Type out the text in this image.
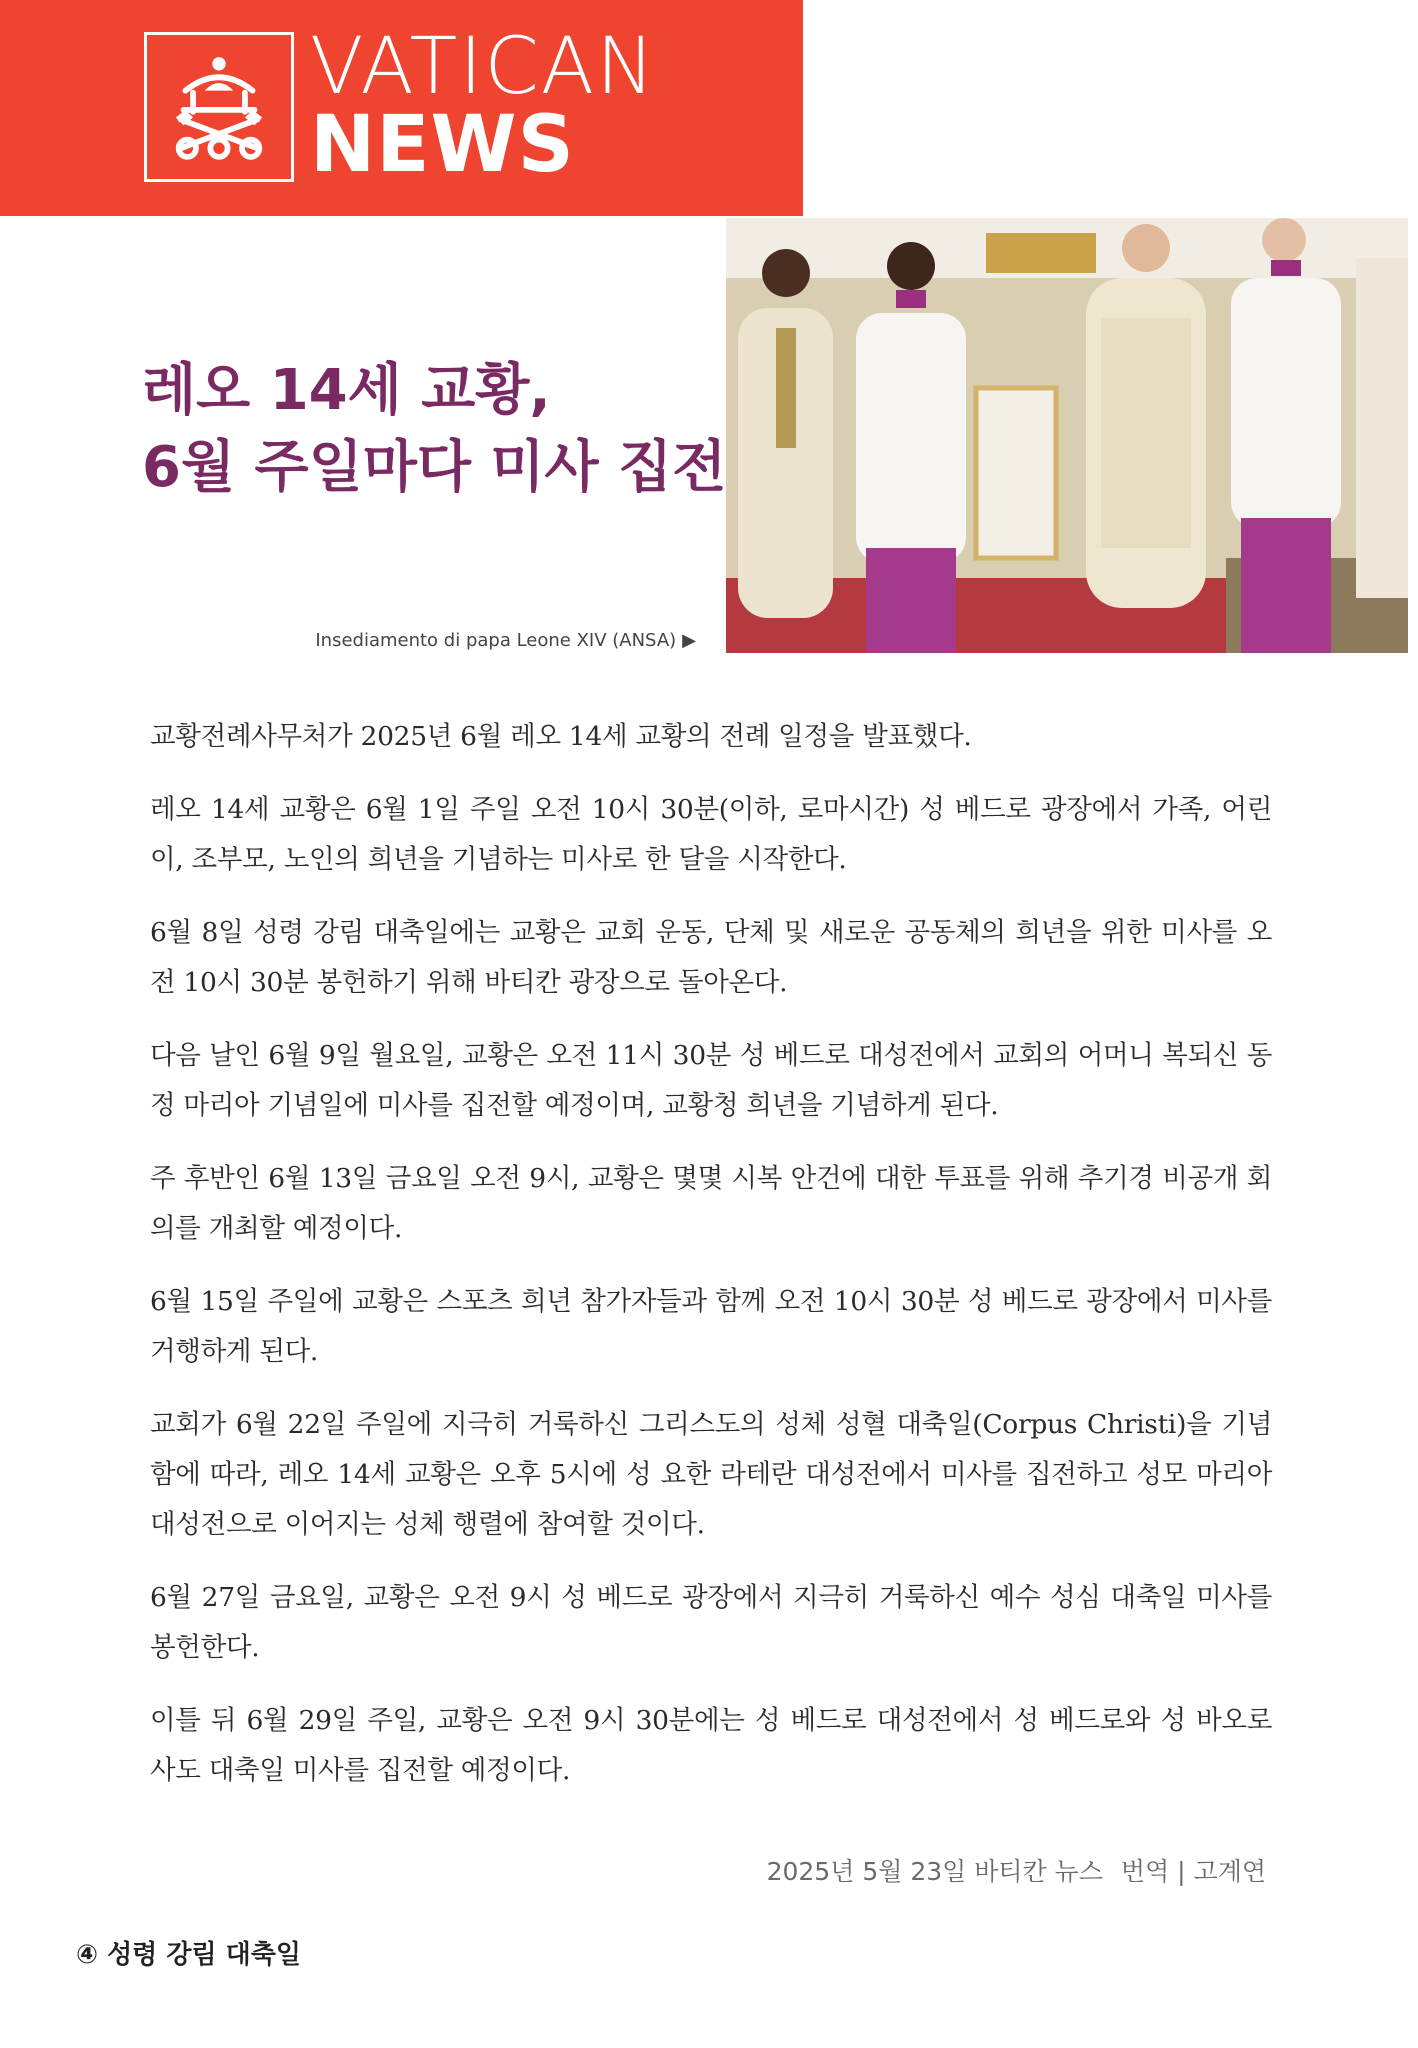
VATICAN
NEWS
레오 14세 교황,
6월 주일마다 미사 집전

Insediamento di papa Leone XIV (ANSA) ▶

교황전례사무처가 2025년 6월 레오 14세 교황의 전례 일정을 발표했다.

레오 14세 교황은 6월 1일 주일 오전 10시 30분(이하, 로마시간) 성 베드로 광장에서 가족, 어린이, 조부모, 노인의 희년을 기념하는 미사로 한 달을 시작한다.

6월 8일 성령 강림 대축일에는 교황은 교회 운동, 단체 및 새로운 공동체의 희년을 위한 미사를 오전 10시 30분 봉헌하기 위해 바티칸 광장으로 돌아온다.

다음 날인 6월 9일 월요일, 교황은 오전 11시 30분 성 베드로 대성전에서 교회의 어머니 복되신 동정 마리아 기념일에 미사를 집전할 예정이며, 교황청 희년을 기념하게 된다.

주 후반인 6월 13일 금요일 오전 9시, 교황은 몇몇 시복 안건에 대한 투표를 위해 추기경 비공개 회의를 개최할 예정이다.

6월 15일 주일에 교황은 스포츠 희년 참가자들과 함께 오전 10시 30분 성 베드로 광장에서 미사를 거행하게 된다.

교회가 6월 22일 주일에 지극히 거룩하신 그리스도의 성체 성혈 대축일(Corpus Christi)을 기념함에 따라, 레오 14세 교황은 오후 5시에 성 요한 라테란 대성전에서 미사를 집전하고 성모 마리아 대성전으로 이어지는 성체 행렬에 참여할 것이다.

6월 27일 금요일, 교황은 오전 9시 성 베드로 광장에서 지극히 거룩하신 예수 성심 대축일 미사를 봉헌한다.

이틀 뒤 6월 29일 주일, 교황은 오전 9시 30분에는 성 베드로 대성전에서 성 베드로와 성 바오로 사도 대축일 미사를 집전할 예정이다.

2025년 5월 23일 바티칸 뉴스 번역 | 고계연

④ 성령 강림 대축일
